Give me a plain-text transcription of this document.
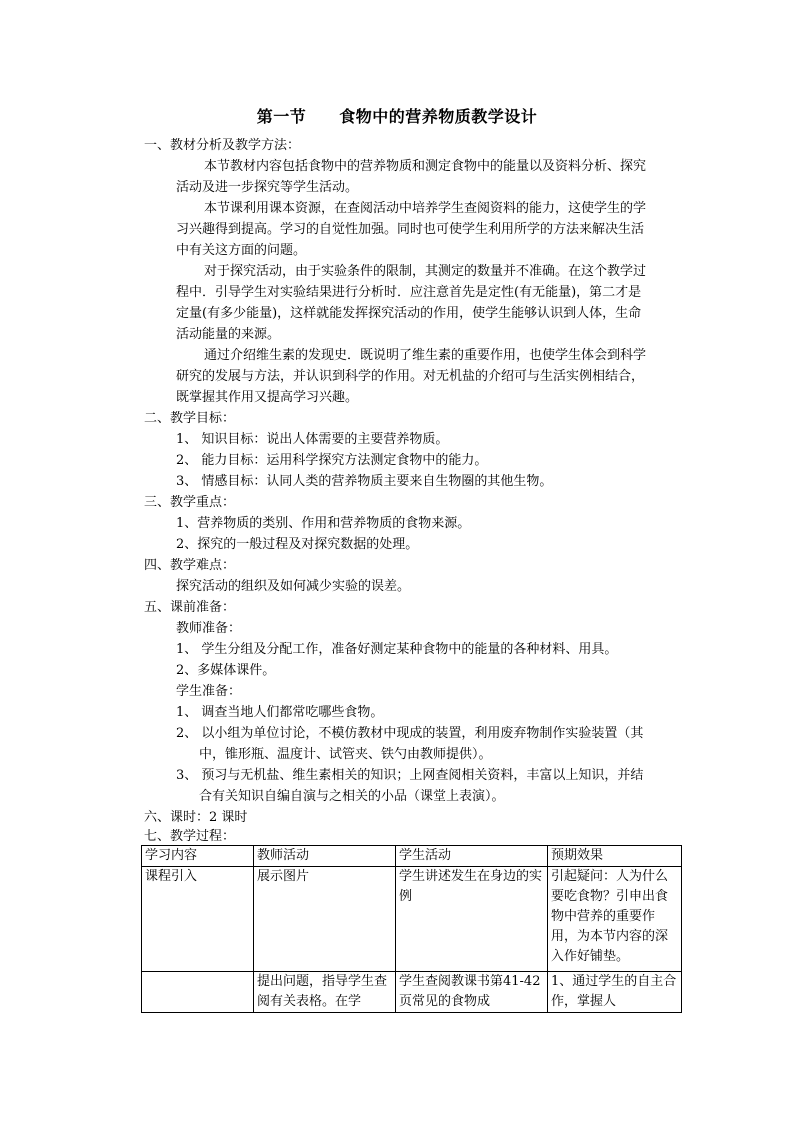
第一节　　食物中的营养物质教学设计
一、教材分析及教学方法：
本节教材内容包括食物中的营养物质和测定食物中的能量以及资料分析、探究
活动及进一步探究等学生活动。
本节课利用课本资源，在查阅活动中培养学生查阅资料的能力，这使学生的学
习兴趣得到提高。学习的自觉性加强。同时也可使学生利用所学的方法来解决生活
中有关这方面的问题。
对于探究活动，由于实验条件的限制，其测定的数量并不准确。在这个教学过
程中．引导学生对实验结果进行分析时．应注意首先是定性(有无能量)，第二才是
定量(有多少能量)，这样就能发挥探究活动的作用，使学生能够认识到人体，生命
活动能量的来源。
通过介绍维生素的发现史．既说明了维生素的重要作用，也使学生体会到科学
研究的发展与方法，并认识到科学的作用。对无机盐的介绍可与生活实例相结合，
既掌握其作用又提高学习兴趣。
二、教学目标：
1、 知识目标：说出人体需要的主要营养物质。
2、 能力目标：运用科学探究方法测定食物中的能力。
3、 情感目标：认同人类的营养物质主要来自生物圈的其他生物。
三、教学重点：
1、营养物质的类别、作用和营养物质的食物来源。
2、探究的一般过程及对探究数据的处理。
四、教学难点：
探究活动的组织及如何减少实验的误差。
五、课前准备：
教师准备：
1、 学生分组及分配工作，准备好测定某种食物中的能量的各种材料、用具。
2、多媒体课件。
学生准备：
1、 调查当地人们都常吃哪些食物。
2、 以小组为单位讨论，不模仿教材中现成的装置，利用废弃物制作实验装置（其
中，锥形瓶、温度计、试管夹、铁勺由教师提供）。
3、 预习与无机盐、维生素相关的知识；上网查阅相关资料，丰富以上知识，并结
合有关知识自编自演与之相关的小品（课堂上表演）。
六、课时：2 课时
七、教学过程：
学习内容	教师活动	学生活动	预期效果
课程引入	展示图片	学生讲述发生在身边的实例	引起疑问：人为什么要吃食物？引申出食物中营养的重要作用，为本节内容的深入作好铺垫。
	提出问题，指导学生查阅有关表格。在学	学生查阅教课书第41-42页常见的食物成	1、通过学生的自主合作，掌握人
